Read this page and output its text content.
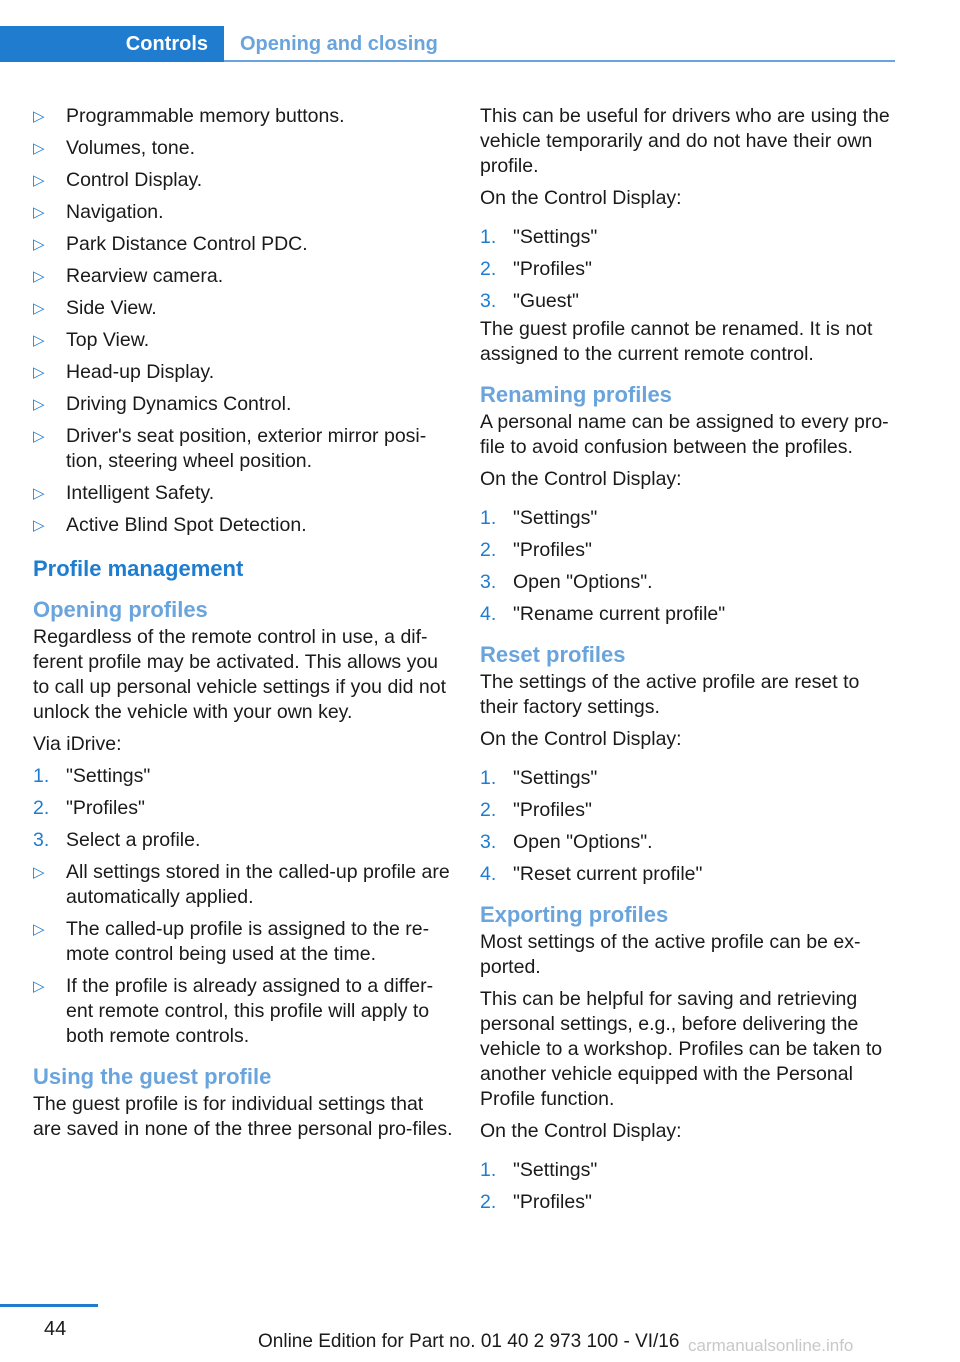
Controls	Opening and closing
▷ Programmable memory buttons.
▷ Volumes, tone.
▷ Control Display.
▷ Navigation.
▷ Park Distance Control PDC.
▷ Rearview camera.
▷ Side View.
▷ Top View.
▷ Head-up Display.
▷ Driving Dynamics Control.
▷ Driver's seat position, exterior mirror posi‐tion, steering wheel position.
▷ Intelligent Safety.
▷ Active Blind Spot Detection.
Profile management
Opening profiles

Regardless of the remote control in use, a dif‐ferent profile may be activated. This allows you to call up personal vehicle settings if you did not unlock the vehicle with your own key.

Via iDrive:

1. "Settings"
2. "Profiles"
3. Select a profile.
▷ All settings stored in the called-up profile are automatically applied.
▷ The called-up profile is assigned to the re‐mote control being used at the time.
▷ If the profile is already assigned to a differ‐ent remote control, this profile will apply to both remote controls.
Using the guest profile

The guest profile is for individual settings that are saved in none of the three personal pro‐files.

This can be useful for drivers who are using the vehicle temporarily and do not have their own profile.

On the Control Display:

1. "Settings"
2. "Profiles"
3. "Guest"

The guest profile cannot be renamed. It is not assigned to the current remote control.

Renaming profiles

A personal name can be assigned to every pro‐file to avoid confusion between the profiles.

On the Control Display:

1. "Settings"
2. "Profiles"
3. Open "Options".
4. "Rename current profile"
Reset profiles

The settings of the active profile are reset to their factory settings.

On the Control Display:

1. "Settings"
2. "Profiles"
3. Open "Options".
4. "Reset current profile"
Exporting profiles

Most settings of the active profile can be ex‐ported.

This can be helpful for saving and retrieving personal settings, e.g., before delivering the vehicle to a workshop. Profiles can be taken to another vehicle equipped with the Personal Profile function.

On the Control Display:

1. "Settings"
2. "Profiles"
44
Online Edition for Part no. 01 40 2 973 100 - VI/16 carmanualsonline.info
